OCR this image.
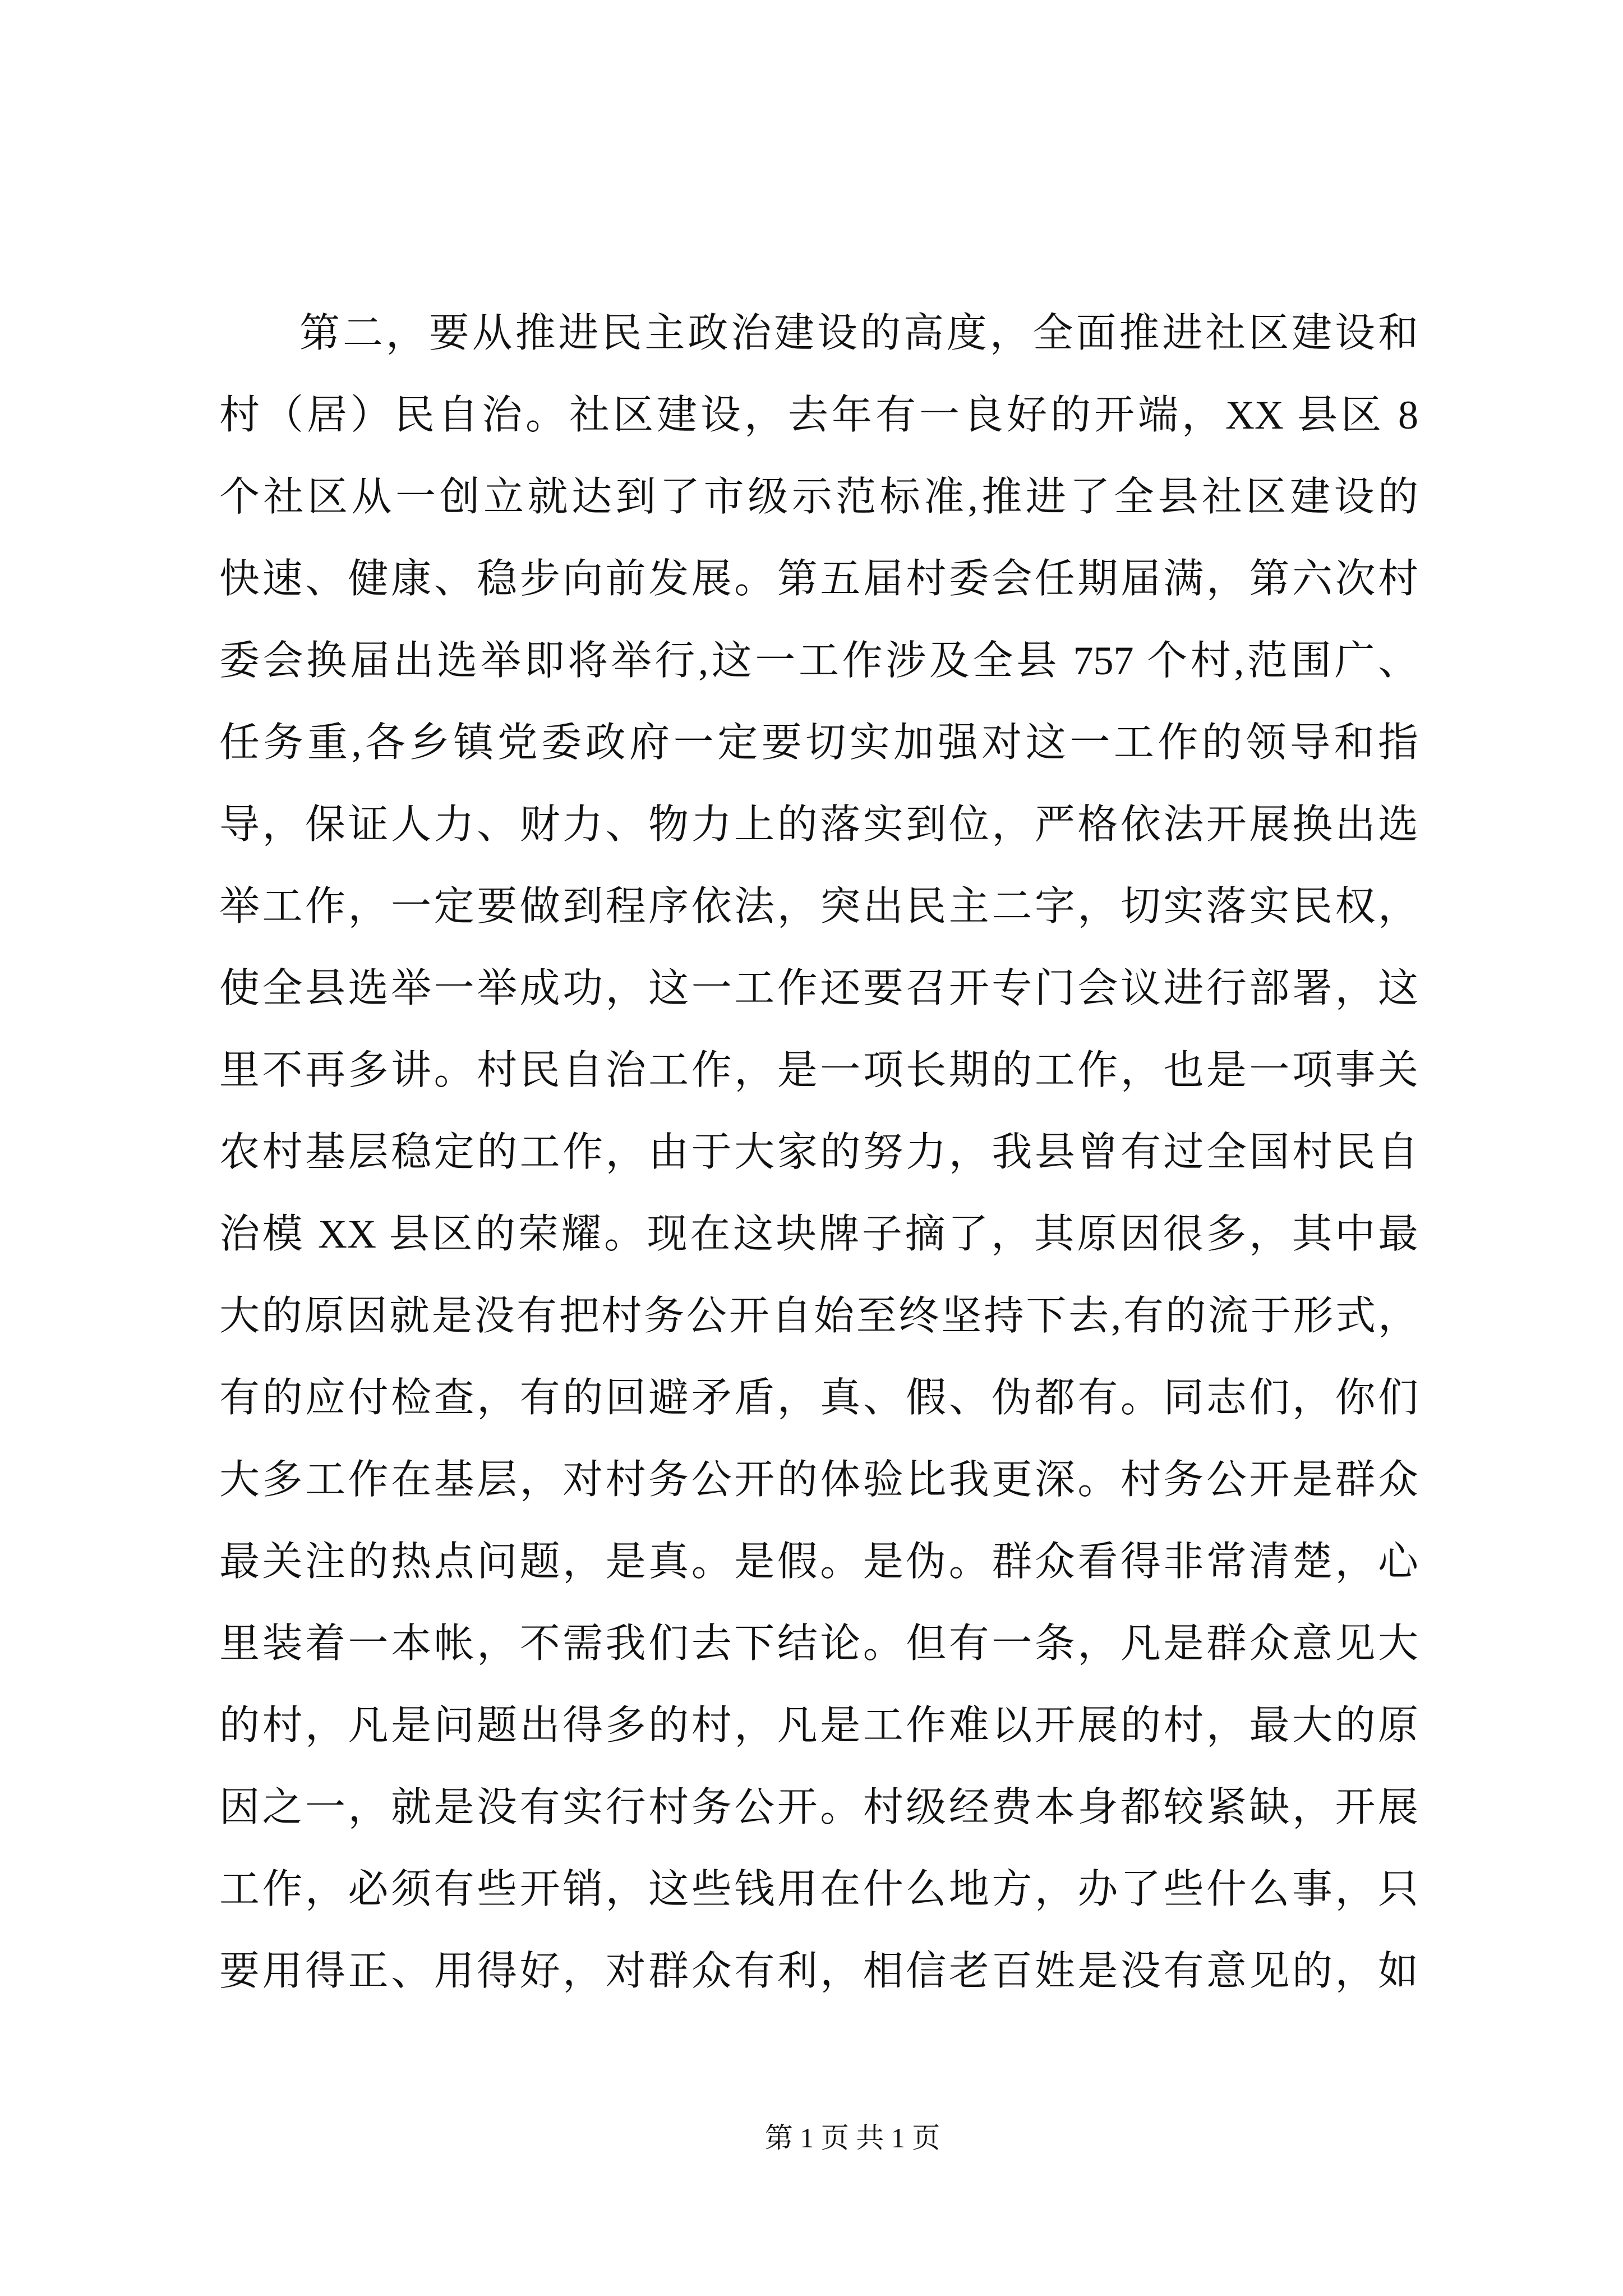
第二，要从推进民主政治建设的高度，全面推进社区建设和
村（居）民自治。社区建设，去年有一良好的开端，XX 县区 8
个社区从一创立就达到了市级示范标准,推进了全县社区建设的
快速、健康、稳步向前发展。第五届村委会任期届满，第六次村
委会换届出选举即将举行,这一工作涉及全县 757 个村,范围广、
任务重,各乡镇党委政府一定要切实加强对这一工作的领导和指
导，保证人力、财力、物力上的落实到位，严格依法开展换出选
举工作，一定要做到程序依法，突出民主二字，切实落实民权，
使全县选举一举成功，这一工作还要召开专门会议进行部署，这
里不再多讲。村民自治工作，是一项长期的工作，也是一项事关
农村基层稳定的工作，由于大家的努力，我县曾有过全国村民自
治模 XX 县区的荣耀。现在这块牌子摘了，其原因很多，其中最
大的原因就是没有把村务公开自始至终坚持下去,有的流于形式，
有的应付检查，有的回避矛盾，真、假、伪都有。同志们，你们
大多工作在基层，对村务公开的体验比我更深。村务公开是群众
最关注的热点问题，是真。是假。是伪。群众看得非常清楚，心
里装着一本帐，不需我们去下结论。但有一条，凡是群众意见大
的村，凡是问题出得多的村，凡是工作难以开展的村，最大的原
因之一，就是没有实行村务公开。村级经费本身都较紧缺，开展
工作，必须有些开销，这些钱用在什么地方，办了些什么事，只
要用得正、用得好，对群众有利，相信老百姓是没有意见的，如
第 1 页 共 1 页
